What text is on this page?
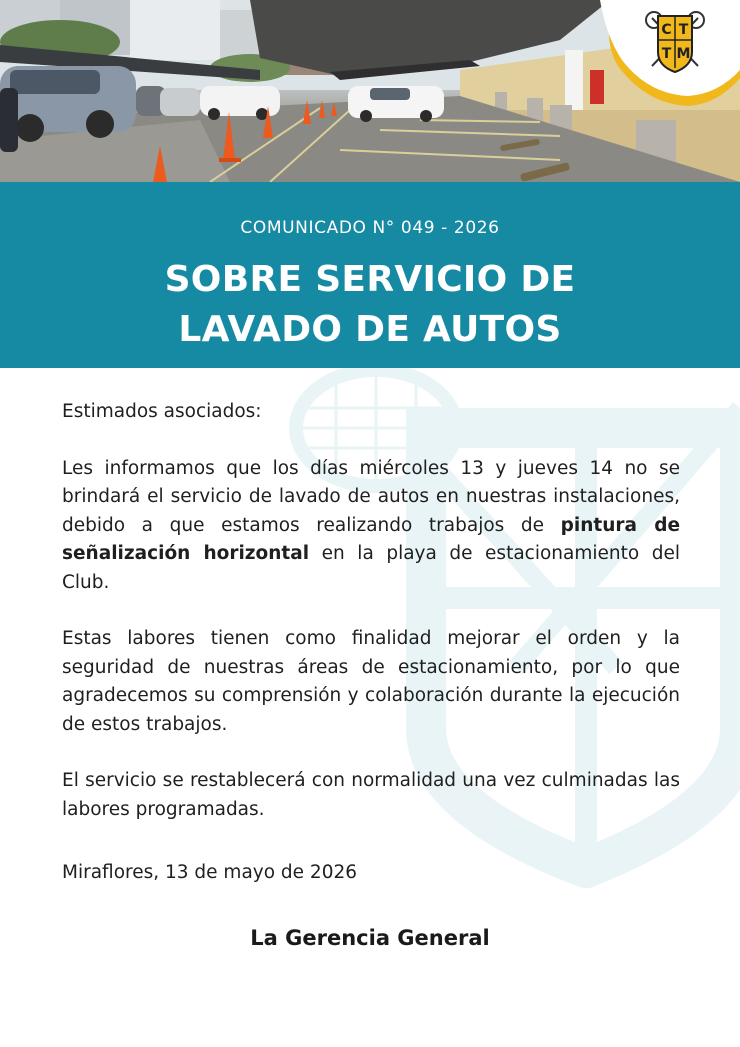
C T
T M
COMUNICADO N° 049 - 2026
SOBRE SERVICIO DE
LAVADO DE AUTOS

Estimados asociados:

Les informamos que los días miércoles 13 y jueves 14 no se brindará el servicio de lavado de autos en nuestras instalaciones, debido a que estamos realizando trabajos de pintura de señalización horizontal en la playa de estacionamiento del Club.

Estas labores tienen como finalidad mejorar el orden y la seguridad de nuestras áreas de estacionamiento, por lo que agradecemos su comprensión y colaboración durante la ejecución de estos trabajos.

El servicio se restablecerá con normalidad una vez culminadas las labores programadas.

Miraflores, 13 de mayo de 2026

La Gerencia General
